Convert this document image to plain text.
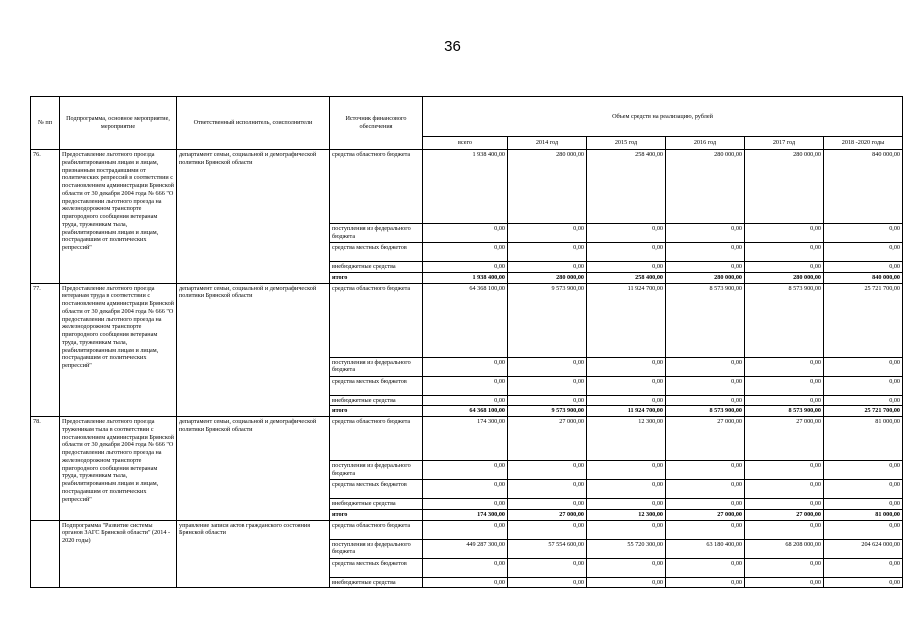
36
№ пп	Подпрограмма, основное мероприятие, мероприятие	Ответственный исполнитель, соисполнители	Источник финансового обеспечения	Объем средств на реализацию, рублей					
				всего	2014 год	2015 год	2016 год	2017 год	2018 -2020 годы
76.	Предоставление льготного проезда реабилитированным лицам и лицам, признанным пострадавшими от политических репрессий в соответствии с постановлением администрации Брянской области от 30 декабря 2004 года № 666 "О предоставлении льготного проезда на железнодорожном транспорте пригородного сообщения ветеранам труда, труженикам тыла, реабилитированным лицам и лицам, пострадавшим от политических репрессий"	департамент семьи, социальной и демографической политики Брянской области	средства областного бюджета	1 938 400,00	280 000,00	258 400,00	280 000,00	280 000,00	840 000,00
			поступления из федерального бюджета	0,00	0,00	0,00	0,00	0,00	0,00
			средства местных бюджетов	0,00	0,00	0,00	0,00	0,00	0,00
			внебюджетные средства	0,00	0,00	0,00	0,00	0,00	0,00
			итого	1 938 400,00	280 000,00	258 400,00	280 000,00	280 000,00	840 000,00
77.	Предоставление льготного проезда ветеранам труда в соответствии с постановлением администрации Брянской области от 30 декабря 2004 года № 666 "О предоставлении льготного проезда на железнодорожном транспорте пригородного сообщения ветеранам труда, труженикам тыла, реабилитированным лицам и лицам, пострадавшим от политических репрессий"	департамент семьи, социальной и демографической политики Брянской области	средства областного бюджета	64 368 100,00	9 573 900,00	11 924 700,00	8 573 900,00	8 573 900,00	25 721 700,00
			поступления из федерального бюджета	0,00	0,00	0,00	0,00	0,00	0,00
			средства местных бюджетов	0,00	0,00	0,00	0,00	0,00	0,00
			внебюджетные средства	0,00	0,00	0,00	0,00	0,00	0,00
			итого	64 368 100,00	9 573 900,00	11 924 700,00	8 573 900,00	8 573 900,00	25 721 700,00
78.	Предоставление льготного проезда труженикам тыла в соответствии с постановлением администрации Брянской области от 30 декабря 2004 года № 666 "О предоставлении льготного проезда на железнодорожном транспорте пригородного сообщения ветеранам труда, труженикам тыла, реабилитированным лицам и лицам, пострадавшим от политических репрессий"	департамент семьи, социальной и демографической политики Брянской области	средства областного бюджета	174 300,00	27 000,00	12 300,00	27 000,00	27 000,00	81 000,00
			поступления из федерального бюджета	0,00	0,00	0,00	0,00	0,00	0,00
			средства местных бюджетов	0,00	0,00	0,00	0,00	0,00	0,00
			внебюджетные средства	0,00	0,00	0,00	0,00	0,00	0,00
			итого	174 300,00	27 000,00	12 300,00	27 000,00	27 000,00	81 000,00
	Подпрограмма "Развитие системы органов ЗАГС Брянской области" (2014 - 2020 годы)	управление записи актов гражданского состояния Брянской области	средства областного бюджета	0,00	0,00	0,00	0,00	0,00	0,00
			поступления из федерального бюджета	449 287 300,00	57 554 600,00	55 720 300,00	63 180 400,00	68 208 000,00	204 624 000,00
			средства местных бюджетов	0,00	0,00	0,00	0,00	0,00	0,00
			внебюджетные средства	0,00	0,00	0,00	0,00	0,00	0,00
